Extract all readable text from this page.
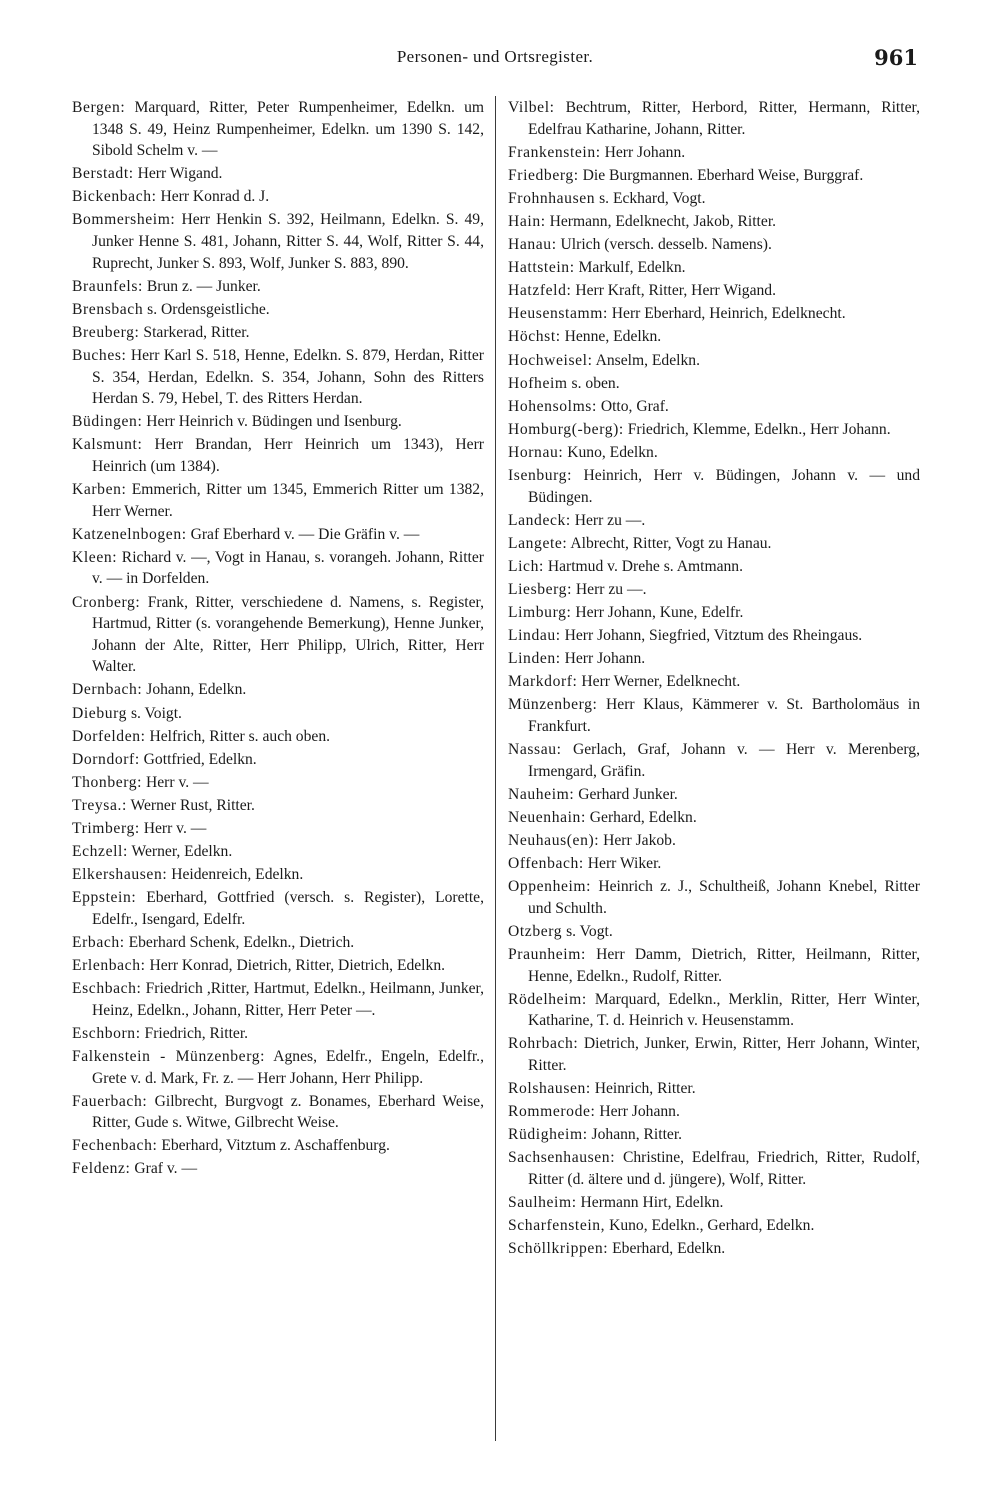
Personen- und Ortsregister.	961

Bergen: Marquard, Ritter, Peter Rumpenheimer, Edelkn. um 1348 S. 49, Heinz Rumpenheimer, Edelkn. um 1390 S. 142, Sibold Schelm v. —

Berstadt: Herr Wigand.

Bickenbach: Herr Konrad d. J.

Bommersheim: Herr Henkin S. 392, Heilmann, Edelkn. S. 49, Junker Henne S. 481, Johann, Ritter S. 44, Wolf, Ritter S. 44, Ruprecht, Junker S. 893, Wolf, Junker S. 883, 890.

Braunfels: Brun z. — Junker.

Brensbach s. Ordensgeistliche.

Breuberg: Starkerad, Ritter.

Buches: Herr Karl S. 518, Henne, Edelkn. S. 879, Herdan, Ritter S. 354, Herdan, Edelkn. S. 354, Johann, Sohn des Ritters Herdan S. 79, Hebel, T. des Ritters Herdan.

Büdingen: Herr Heinrich v. Büdingen und Isenburg.

Kalsmunt: Herr Brandan, Herr Heinrich um 1343), Herr Heinrich (um 1384).

Karben: Emmerich, Ritter um 1345, Emmerich Ritter um 1382, Herr Werner.

Katzenelnbogen: Graf Eberhard v. — Die Gräfin v. —

Kleen: Richard v. —, Vogt in Hanau, s. vorangeh. Johann, Ritter v. — in Dorfelden.

Cronberg: Frank, Ritter, verschiedene d. Namens, s. Register, Hartmud, Ritter (s. vorangehende Bemerkung), Henne Junker, Johann der Alte, Ritter, Herr Philipp, Ulrich, Ritter, Herr Walter.

Dernbach: Johann, Edelkn.

Dieburg s. Voigt.

Dorfelden: Helfrich, Ritter s. auch oben.

Dorndorf: Gottfried, Edelkn.

Thonberg: Herr v. —

Treysa.: Werner Rust, Ritter.

Trimberg: Herr v. —

Echzell: Werner, Edelkn.

Elkershausen: Heidenreich, Edelkn.

Eppstein: Eberhard, Gottfried (versch. s. Register), Lorette, Edelfr., Isengard, Edelfr.

Erbach: Eberhard Schenk, Edelkn., Dietrich.

Erlenbach: Herr Konrad, Dietrich, Ritter, Dietrich, Edelkn.

Eschbach: Friedrich ,Ritter, Hartmut, Edelkn., Heilmann, Junker, Heinz, Edelkn., Johann, Ritter, Herr Peter —.

Eschborn: Friedrich, Ritter.

Falkenstein - Münzenberg: Agnes, Edelfr., Engeln, Edelfr., Grete v. d. Mark, Fr. z. — Herr Johann, Herr Philipp.

Fauerbach: Gilbrecht, Burgvogt z. Bonames, Eberhard Weise, Ritter, Gude s. Witwe, Gilbrecht Weise.

Fechenbach: Eberhard, Vitztum z. Aschaffenburg.

Feldenz: Graf v. —

Vilbel: Bechtrum, Ritter, Herbord, Ritter, Hermann, Ritter, Edelfrau Katharine, Johann, Ritter.

Frankenstein: Herr Johann.

Friedberg: Die Burgmannen. Eberhard Weise, Burggraf.

Frohnhausen s. Eckhard, Vogt.

Hain: Hermann, Edelknecht, Jakob, Ritter.

Hanau: Ulrich (versch. desselb. Namens).

Hattstein: Markulf, Edelkn.

Hatzfeld: Herr Kraft, Ritter, Herr Wigand.

Heusenstamm: Herr Eberhard, Heinrich, Edelknecht.

Höchst: Henne, Edelkn.

Hochweisel: Anselm, Edelkn.

Hofheim s. oben.

Hohensolms: Otto, Graf.

Homburg(-berg): Friedrich, Klemme, Edelkn., Herr Johann.

Hornau: Kuno, Edelkn.

Isenburg: Heinrich, Herr v. Büdingen, Johann v. — und Büdingen.

Landeck: Herr zu —.

Langete: Albrecht, Ritter, Vogt zu Hanau.

Lich: Hartmud v. Drehe s. Amtmann.

Liesberg: Herr zu —.

Limburg: Herr Johann, Kune, Edelfr.

Lindau: Herr Johann, Siegfried, Vitztum des Rheingaus.

Linden: Herr Johann.

Markdorf: Herr Werner, Edelknecht.

Münzenberg: Herr Klaus, Kämmerer v. St. Bartholomäus in Frankfurt.

Nassau: Gerlach, Graf, Johann v. — Herr v. Merenberg, Irmengard, Gräfin.

Nauheim: Gerhard Junker.

Neuenhain: Gerhard, Edelkn.

Neuhaus(en): Herr Jakob.

Offenbach: Herr Wiker.

Oppenheim: Heinrich z. J., Schultheiß, Johann Knebel, Ritter und Schulth.

Otzberg s. Vogt.

Praunheim: Herr Damm, Dietrich, Ritter, Heilmann, Ritter, Henne, Edelkn., Rudolf, Ritter.

Rödelheim: Marquard, Edelkn., Merklin, Ritter, Herr Winter, Katharine, T. d. Heinrich v. Heusenstamm.

Rohrbach: Dietrich, Junker, Erwin, Ritter, Herr Johann, Winter, Ritter.

Rolshausen: Heinrich, Ritter.

Rommerode: Herr Johann.

Rüdigheim: Johann, Ritter.

Sachsenhausen: Christine, Edelfrau, Friedrich, Ritter, Rudolf, Ritter (d. ältere und d. jüngere), Wolf, Ritter.

Saulheim: Hermann Hirt, Edelkn.

Scharfenstein, Kuno, Edelkn., Gerhard, Edelkn.

Schöllkrippen: Eberhard, Edelkn.
